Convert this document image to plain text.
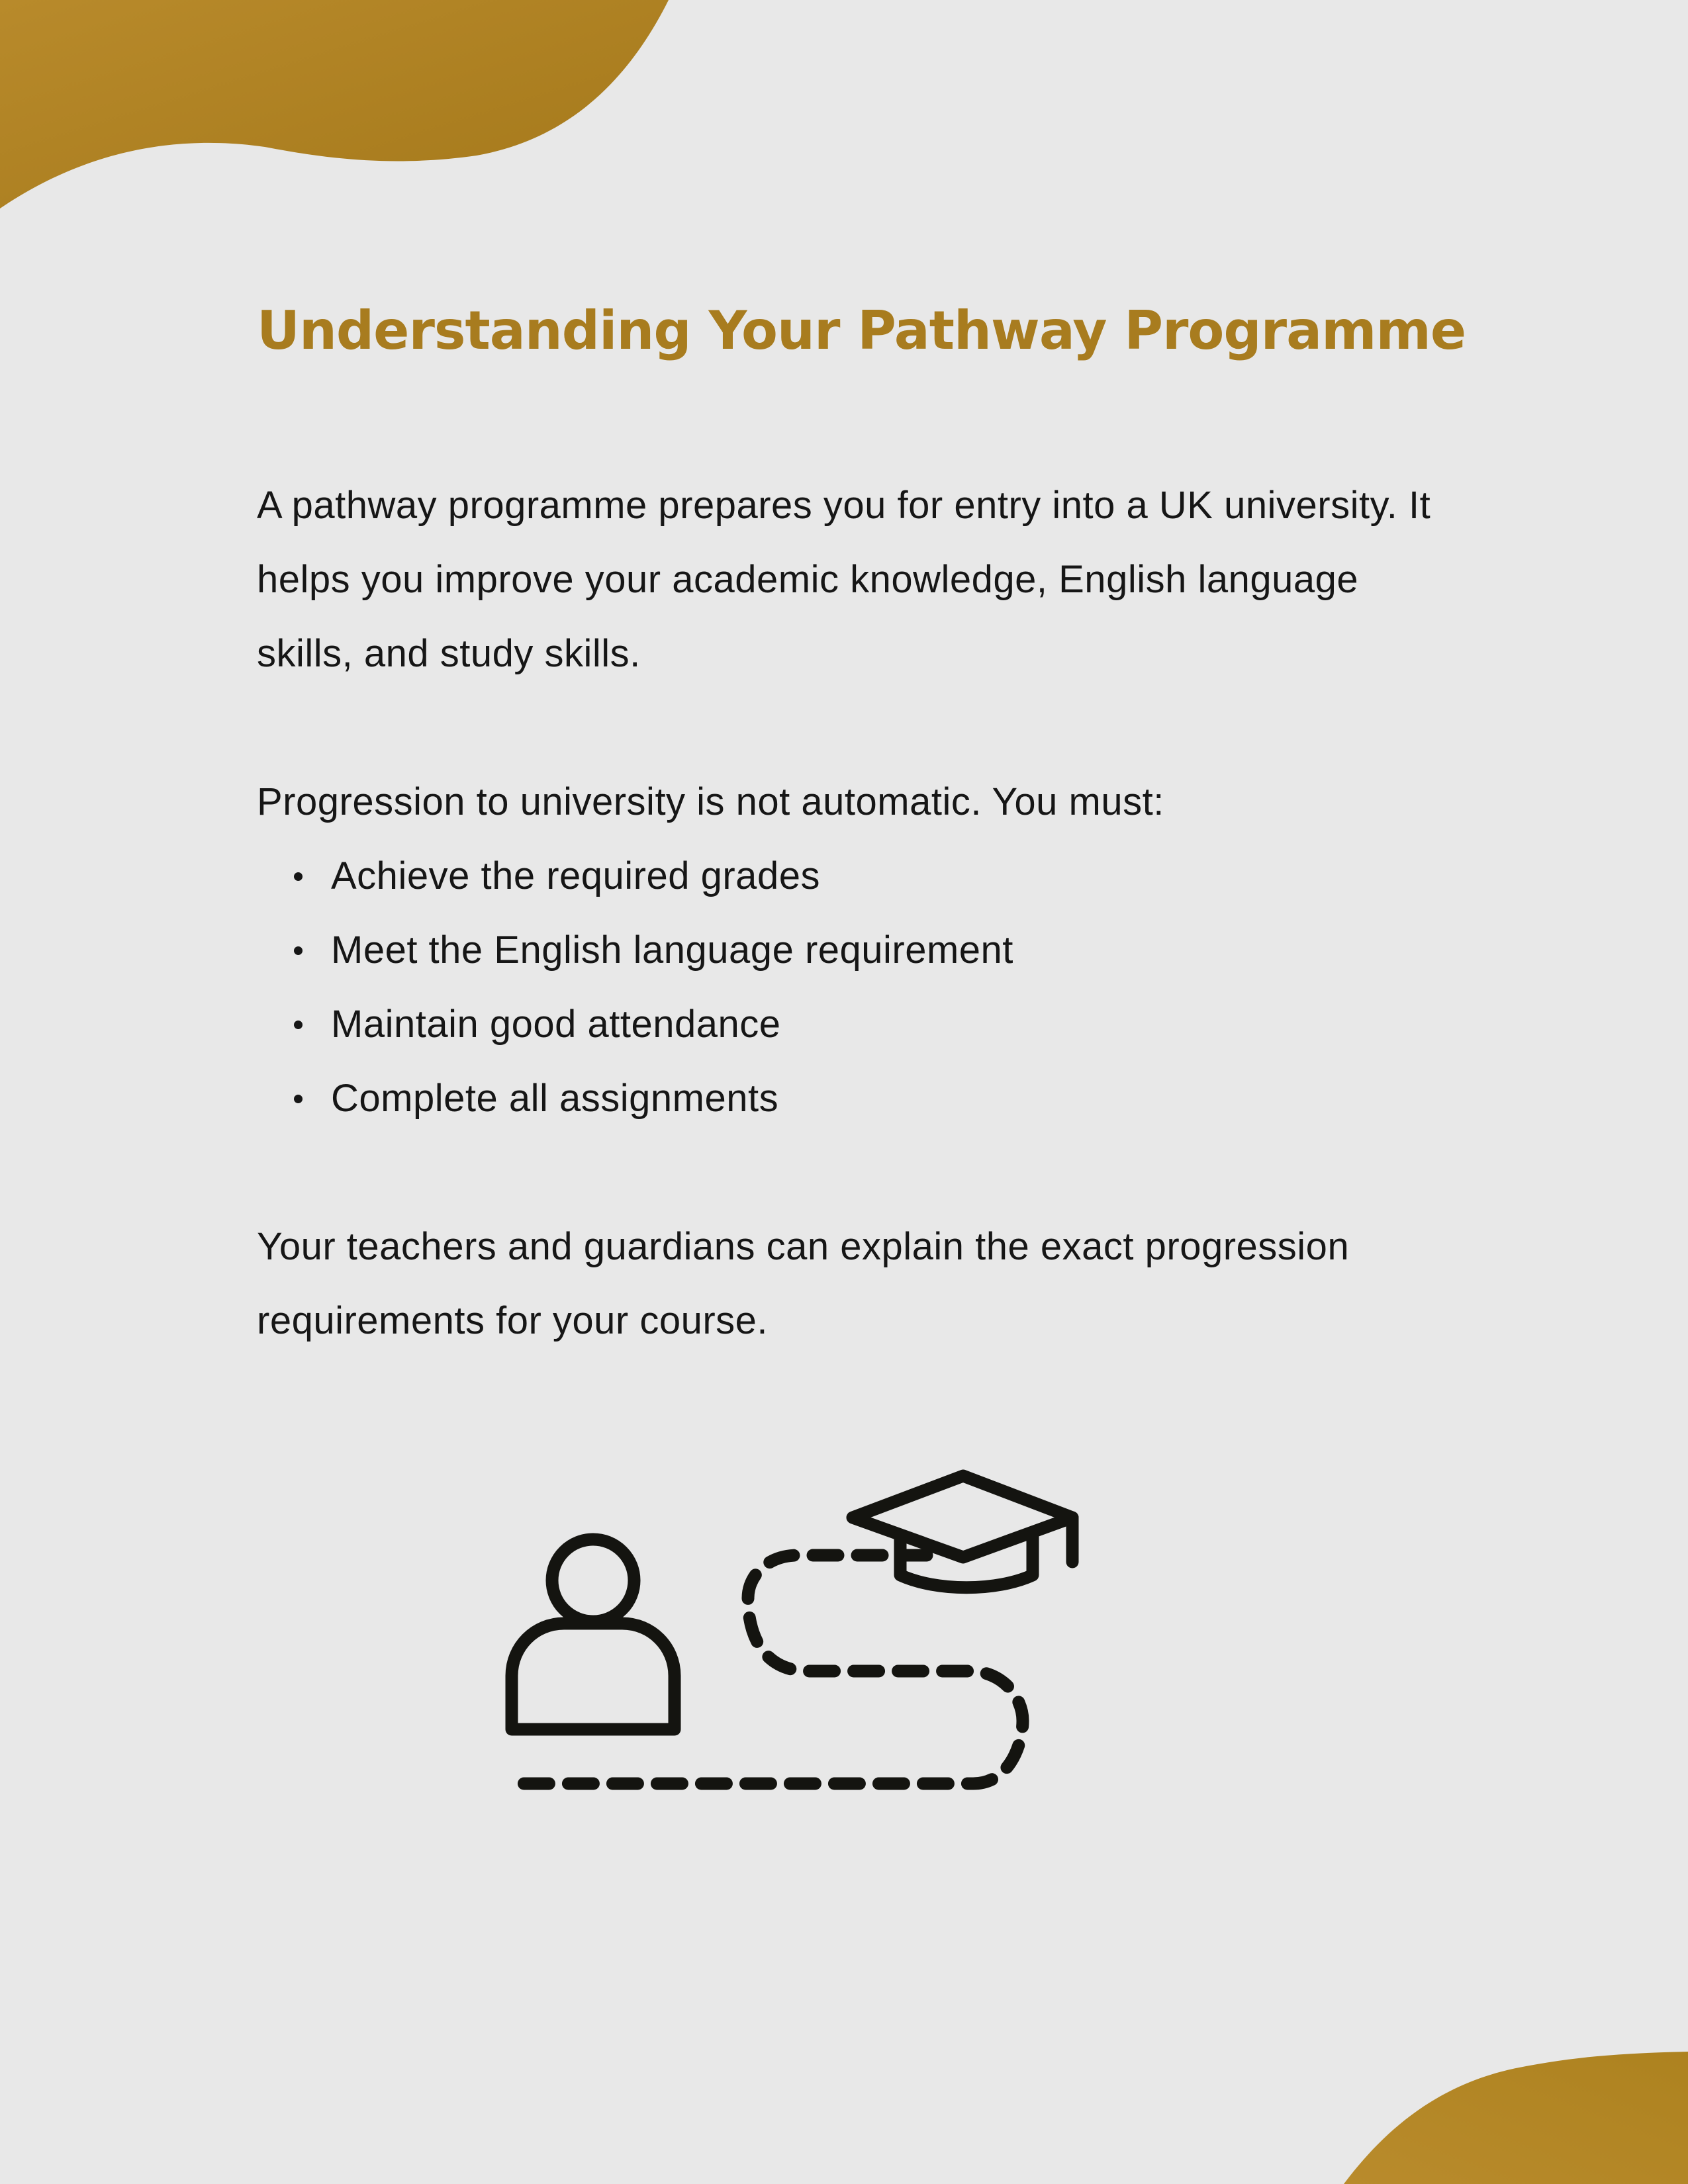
Understanding Your Pathway Programme

A pathway programme prepares you for entry into a UK university. It helps you improve your academic knowledge, English language skills, and study skills.

Progression to university is not automatic. You must:

Achieve the required grades
Meet the English language requirement
Maintain good attendance
Complete all assignments

Your teachers and guardians can explain the exact progression requirements for your course.
